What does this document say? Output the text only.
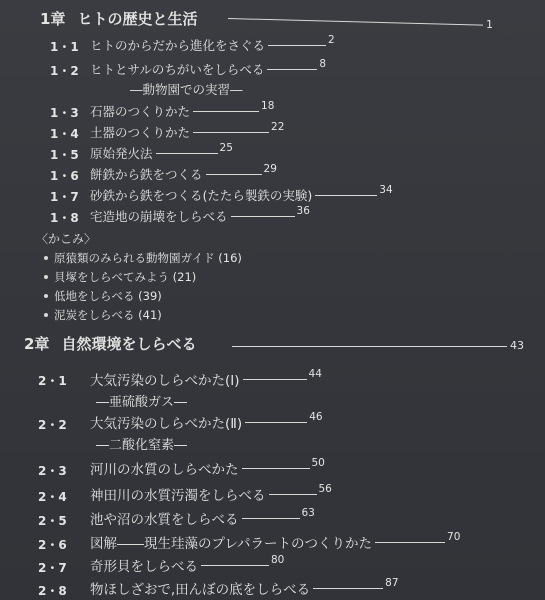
1章 ヒトの歴史と生活	1
1・1 ヒトのからだから進化をさぐる	2
1・2 ヒトとサルのちがいをしらべる	8
―動物園での実習―
1・3 石器のつくりかた	18
1・4 土器のつくりかた	22
1・5 原始発火法	25
1・6 餅鉄から鉄をつくる	29
1・7 砂鉄から鉄をつくる(たたら製鉄の実験)	34
1・8 宅造地の崩壊をしらべる	36
〈かこみ〉
原猿類のみられる動物園ガイド (16)
貝塚をしらべてみよう (21)
低地をしらべる (39)
泥炭をしらべる (41)
2章 自然環境をしらべる	43
2・1 大気汚染のしらべかた(Ⅰ)	44
―亜硫酸ガス―
2・2 大気汚染のしらべかた(Ⅱ)	46
―二酸化窒素―
2・3 河川の水質のしらべかた	50
2・4 神田川の水質汚濁をしらべる	56
2・5 池や沼の水質をしらべる	63
2・6 図解――現生珪藻のプレパラートのつくりかた	70
2・7 奇形貝をしらべる	80
2・8 物ほしざおで,田んぼの底をしらべる	87
